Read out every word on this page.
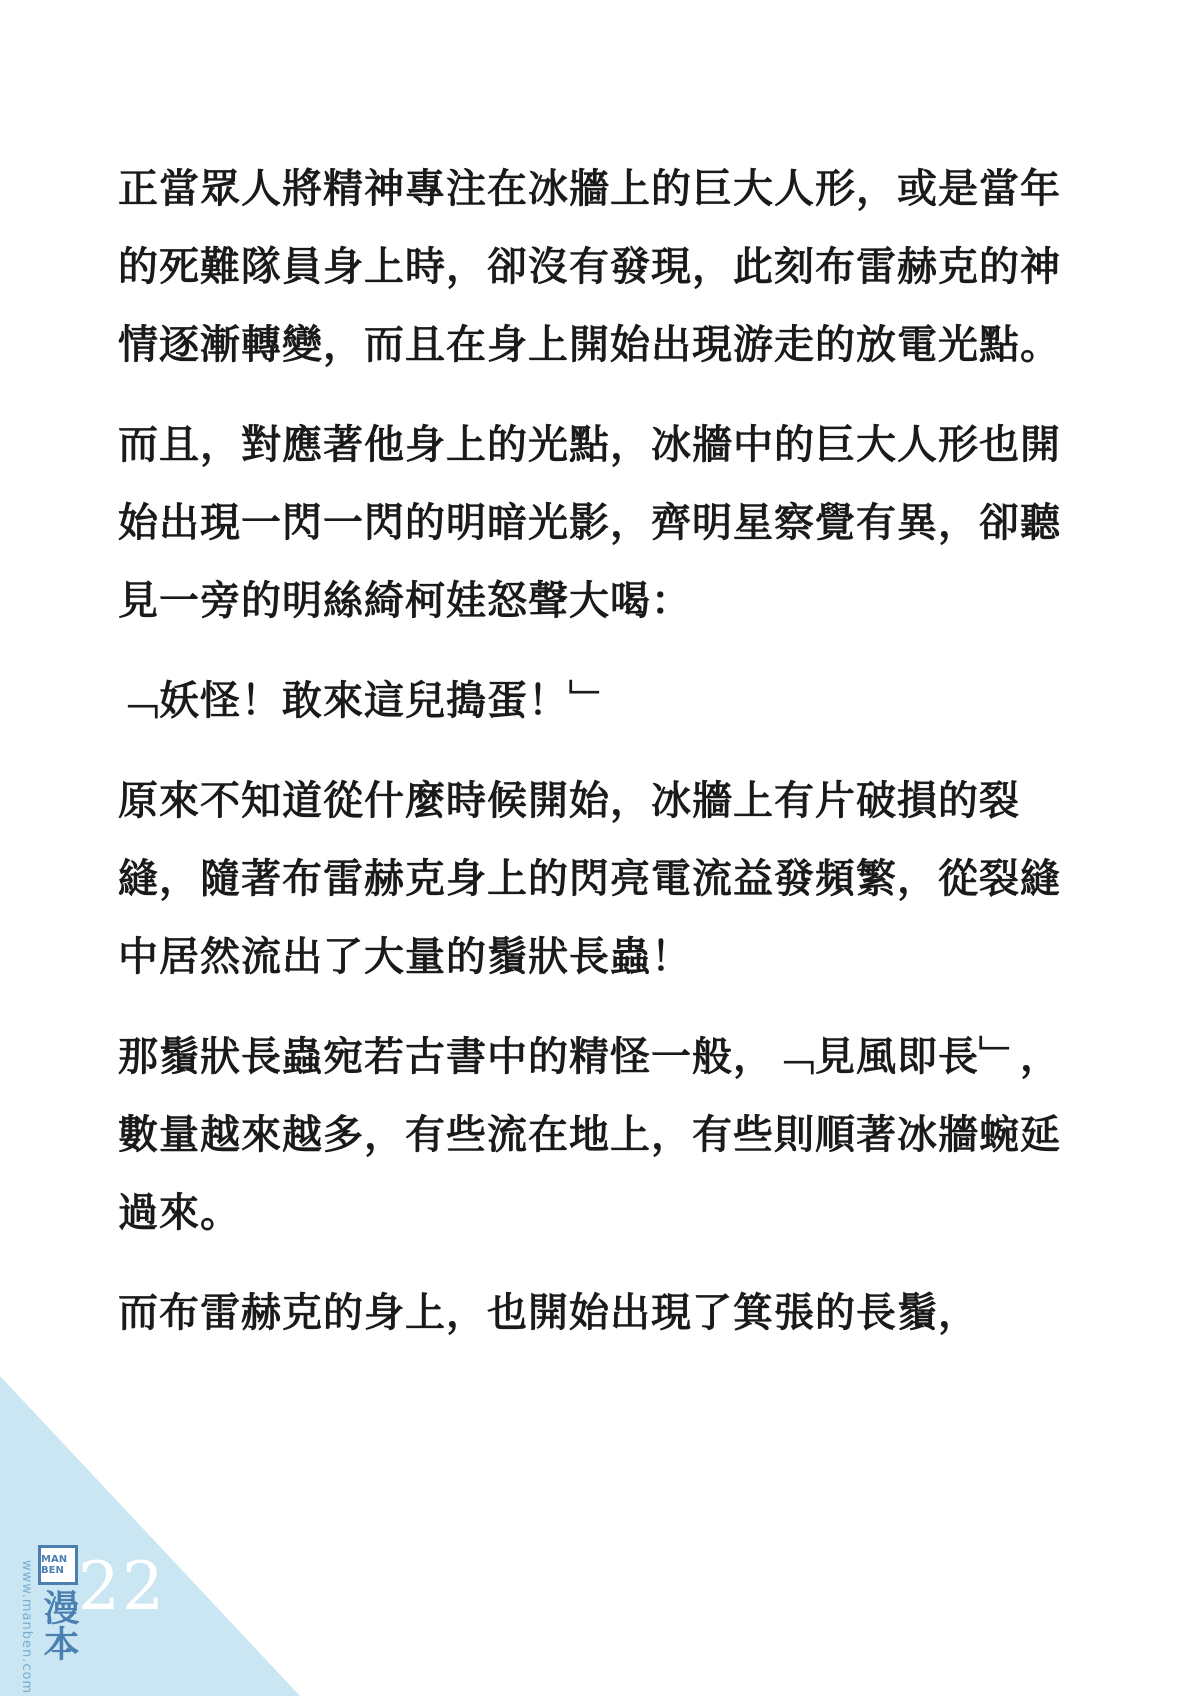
正當眾人將精神專注在冰牆上的巨大人形，或是當年的死難隊員身上時，卻沒有發現，此刻布雷赫克的神情逐漸轉變，而且在身上開始出現游走的放電光點。

而且，對應著他身上的光點，冰牆中的巨大人形也開始出現一閃一閃的明暗光影，齊明星察覺有異，卻聽見一旁的明絲綺柯娃怒聲大喝：

﹁妖怪！敢來這兒搗蛋！﹂

原來不知道從什麼時候開始，冰牆上有片破損的裂縫，隨著布雷赫克身上的閃亮電流益發頻繁，從裂縫中居然流出了大量的鬚狀長蟲！

那鬚狀長蟲宛若古書中的精怪一般，﹁見風即長﹂，數量越來越多，有些流在地上，有些則順著冰牆蜿延過來。

而布雷赫克的身上，也開始出現了箕張的長鬚，

www.manben.com
MAN BEN
漫本 22
